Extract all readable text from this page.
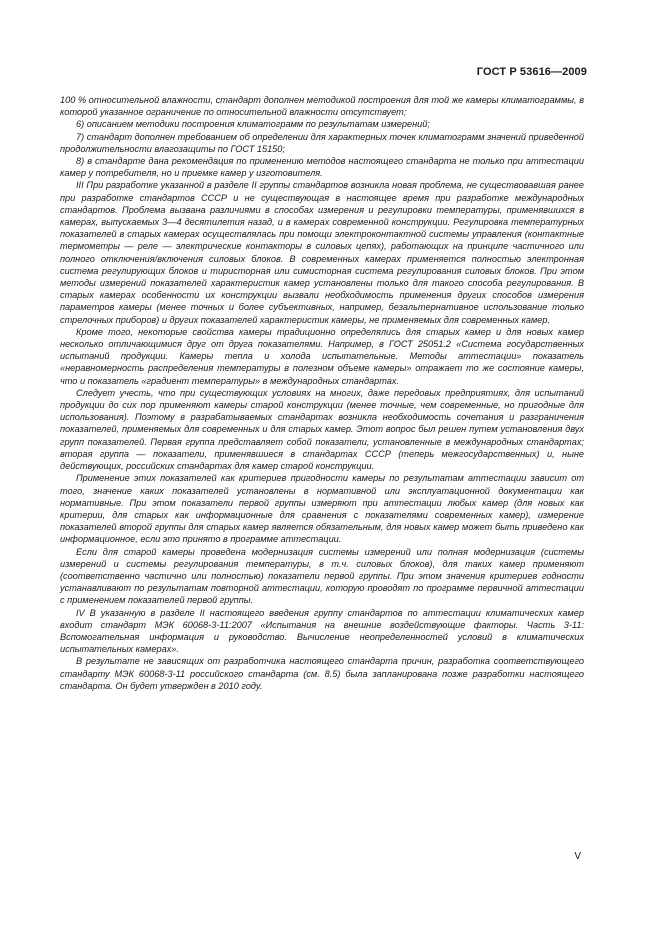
ГОСТ Р 53616—2009

100 % относительной влажности, стандарт дополнен методикой построения для той же камеры климатограммы, в которой указанное ограничение по относительной влажности отсутствует;

6) описанием методики построения климатограмм по результатам измерений;

7) стандарт дополнен требованием об определении для характерных точек климатограмм значений приведенной продолжительности влагозащиты по ГОСТ 15150;

8) в стандарте дана рекомендация по применению методов настоящего стандарта не только при аттестации камер у потребителя, но и приемке камер у изготовителя.

III При разработке указанной в разделе II группы стандартов возникла новая проблема, не существовавшая ранее при разработке стандартов СССР и не существующая в настоящее время при разработке международных стандартов. Проблема вызвана различиями в способах измерения и регулировки температуры, применявшихся в камерах, выпускаемых 3—4 десятилетия назад, и в камерах современной конструкции. Регулировка температурных показателей в старых камерах осуществлялась при помощи электроконтактной системы управления (контактные термометры — реле — электрические контакторы в силовых цепях), работающих на принципе частичного или полного отключения/включения силовых блоков. В современных камерах применяется полностью электронная система регулирующих блоков и тиристорная или симисторная система регулирования силовых блоков. При этом методы измерений показателей характеристик камер установлены только для такого способа регулирования. В старых камерах особенности их конструкции вызвали необходимость применения других способов измерения параметров камеры (менее точных и более субъективных, например, безальтернативное использование только стрелочных приборов) и других показателей характеристик камеры, не применяемых для современных камер.

Кроме того, некоторые свойства камеры традиционно определялись для старых камер и для новых камер несколько отличающимися друг от друга показателями. Например, в ГОСТ 25051.2 «Система государственных испытаний продукции. Камеры тепла и холода испытательные. Методы аттестации» показатель «неравномерность распределения температуры в полезном объеме камеры» отражает то же состояние камеры, что и показатель «градиент температуры» в международных стандартах.

Следует учесть, что при существующих условиях на многих, даже передовых предприятиях, для испытаний продукции до сих пор применяют камеры старой конструкции (менее точные, чем современные, но пригодные для использования). Поэтому в разрабатываемых стандартах возникла необходимость сочетания и разграничения показателей, применяемых для современных и для старых камер. Этот вопрос был решен путем установления двух групп показателей. Первая группа представляет собой показатели, установленные в международных стандартах; вторая группа — показатели, применявшиеся в стандартах СССР (теперь межгосударственных) и, ныне действующих, российских стандартах для камер старой конструкции.

Применение этих показателей как критериев пригодности камеры по результатам аттестации зависит от того, значение каких показателей установлены в нормативной или эксплуатационной документации как нормативные. При этом показатели первой группы измеряют при аттестации любых камер (для новых как критерии, для старых как информационные для сравнения с показателями современных камер), измерение показателей второй группы для старых камер является обязательным, для новых камер может быть приведено как информационное, если это принято в программе аттестации.

Если для старой камеры проведена модернизация системы измерений или полная модернизация (системы измерений и системы регулирования температуры, в т.ч. силовых блоков), для таких камер применяют (соответственно частично или полностью) показатели первой группы. При этом значения критериев годности устанавливают по результатам повторной аттестации, которую проводят по программе первичной аттестации с применением показателей первой группы.

IV В указанную в разделе II настоящего введения группу стандартов по аттестации климатических камер входит стандарт МЭК 60068-3-11:2007 «Испытания на внешние воздействующие факторы. Часть 3-11: Вспомогательная информация и руководство. Вычисление неопределенностей условий в климатических испытательных камерах».

В результате не зависящих от разработчика настоящего стандарта причин, разработка соответствующего стандарту МЭК 60068-3-11 российского стандарта (см. 8.5) была запланирована позже разработки настоящего стандарта. Он будет утвержден в 2010 году.

V
